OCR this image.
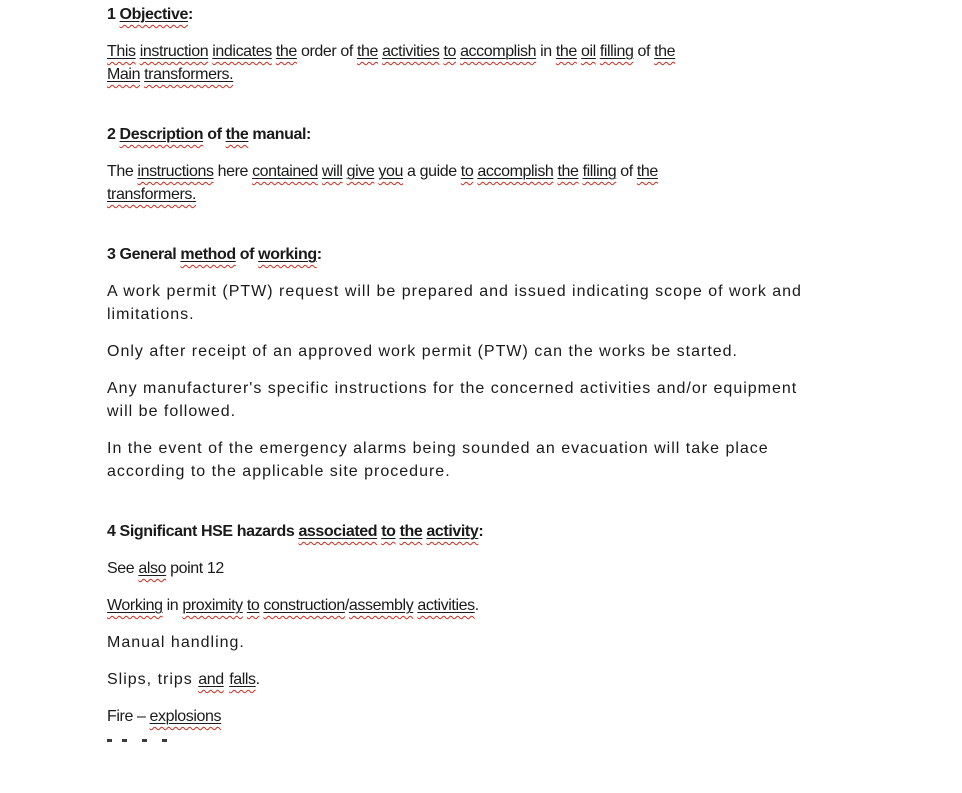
1 Objective:

This instruction indicates the order of the activities to accomplish in the oil filling of the
Main transformers.

2 Description of the manual:

The instructions here contained will give you a guide to accomplish the filling of the
transformers.

3 General method of working:

A work permit (PTW) request will be prepared and issued indicating scope of work and
limitations.

Only after receipt of an approved work permit (PTW) can the works be started.

Any manufacturer's specific instructions for the concerned activities and/or equipment
will be followed.

In the event of the emergency alarms being sounded an evacuation will take place
according to the applicable site procedure.

4 Significant HSE hazards associated to the activity:

See also point 12

Working in proximity to construction/assembly activities.

Manual handling.

Slips, trips and falls.

Fire – explosions
